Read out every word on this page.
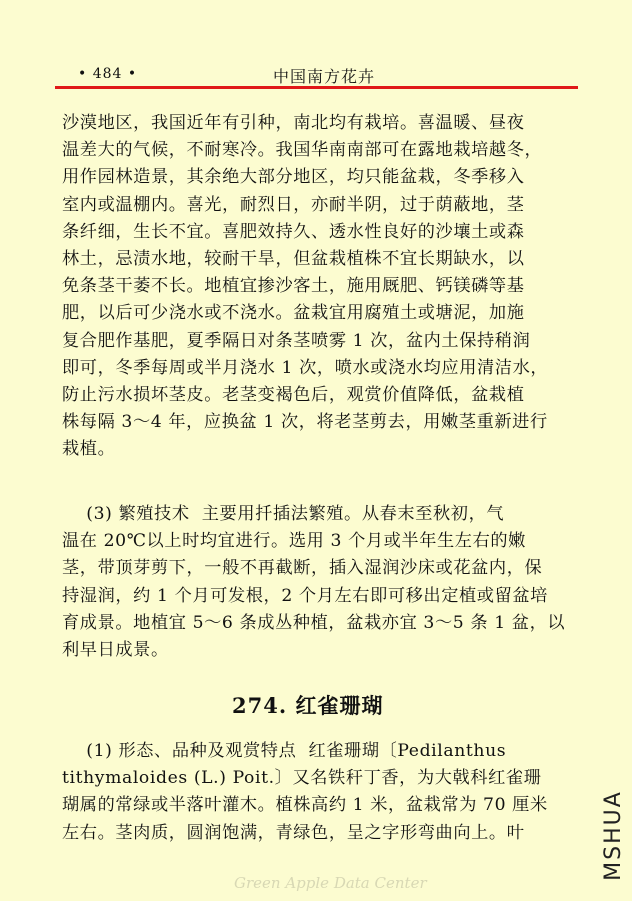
• 484 •	中国南方花卉

沙漠地区，我国近年有引种，南北均有栽培。喜温暖、昼夜
温差大的气候，不耐寒冷。我国华南南部可在露地栽培越冬，
用作园林造景，其余绝大部分地区，均只能盆栽，冬季移入
室内或温棚内。喜光，耐烈日，亦耐半阴，过于荫蔽地，茎
条纤细，生长不宜。喜肥效持久、透水性良好的沙壤土或森
林土，忌渍水地，较耐干旱，但盆栽植株不宜长期缺水，以
免条茎干萎不长。地植宜掺沙客土，施用厩肥、钙镁磷等基
肥，以后可少浇水或不浇水。盆栽宜用腐殖土或塘泥，加施
复合肥作基肥，夏季隔日对条茎喷雾 1 次，盆内土保持稍润
即可，冬季每周或半月浇水 1 次，喷水或浇水均应用清洁水，
防止污水损坏茎皮。老茎变褐色后，观赏价值降低，盆栽植
株每隔 3～4 年，应换盆 1 次，将老茎剪去，用嫩茎重新进行
栽植。

(3) 繁殖技术  主要用扦插法繁殖。从春末至秋初，气
温在 20℃以上时均宜进行。选用 3 个月或半年生左右的嫩
茎，带顶芽剪下，一般不再截断，插入湿润沙床或花盆内，保
持湿润，约 1 个月可发根，2 个月左右即可移出定植或留盆培
育成景。地植宜 5～6 条成丛种植，盆栽亦宜 3～5 条 1 盆，以
利早日成景。

274. 红雀珊瑚

(1) 形态、品种及观赏特点  红雀珊瑚〔Pedilanthus
tithymaloides (L.) Poit.〕又名铁秆丁香，为大戟科红雀珊
瑚属的常绿或半落叶灌木。植株高约 1 米，盆栽常为 70 厘米
左右。茎肉质，圆润饱满，青绿色，呈之字形弯曲向上。叶

Green Apple Data Center
MSHUA
